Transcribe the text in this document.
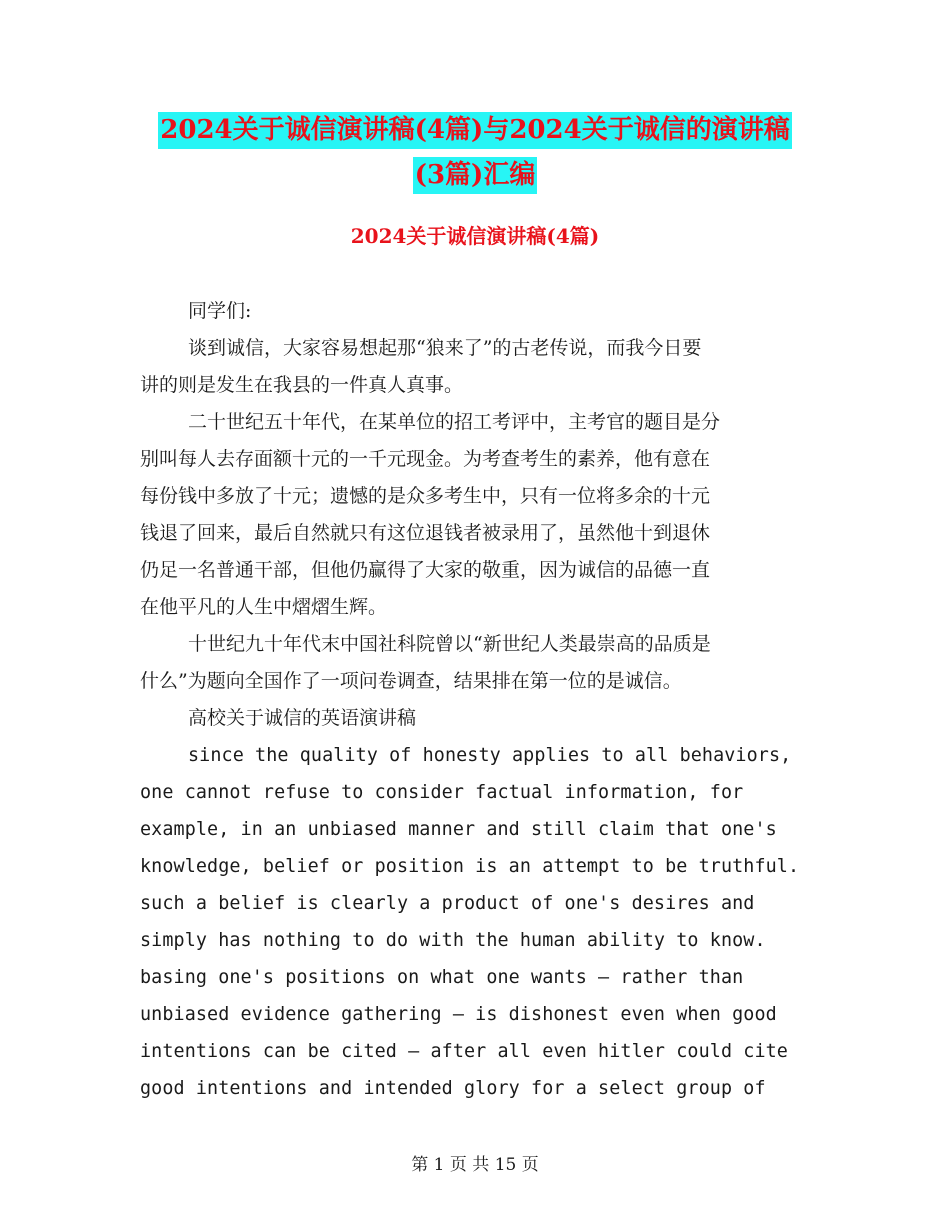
2024关于诚信演讲稿(4篇)与2024关于诚信的演讲稿
(3篇)汇编
2024关于诚信演讲稿(4篇)
同学们:
谈到诚信，大家容易想起那“狼来了”的古老传说，而我今日要
讲的则是发生在我县的一件真人真事。
二十世纪五十年代，在某单位的招工考评中，主考官的题目是分
别叫每人去存面额十元的一千元现金。为考查考生的素养，他有意在
每份钱中多放了十元；遗憾的是众多考生中，只有一位将多余的十元
钱退了回来，最后自然就只有这位退钱者被录用了，虽然他十到退休
仍足一名普通干部，但他仍赢得了大家的敬重，因为诚信的品德一直
在他平凡的人生中熠熠生辉。
十世纪九十年代末中国社科院曾以“新世纪人类最崇高的品质是
什么”为题向全国作了一项问卷调查，结果排在第一位的是诚信。
高校关于诚信的英语演讲稿
since the quality of honesty applies to all behaviors,
one cannot refuse to consider factual information, for
example, in an unbiased manner and still claim that one's
knowledge, belief or position is an attempt to be truthful.
such a belief is clearly a product of one's desires and
simply has nothing to do with the human ability to know.
basing one's positions on what one wants — rather than
unbiased evidence gathering — is dishonest even when good
intentions can be cited — after all even hitler could cite
good intentions and intended glory for a select group of
第 1 页 共 15 页
